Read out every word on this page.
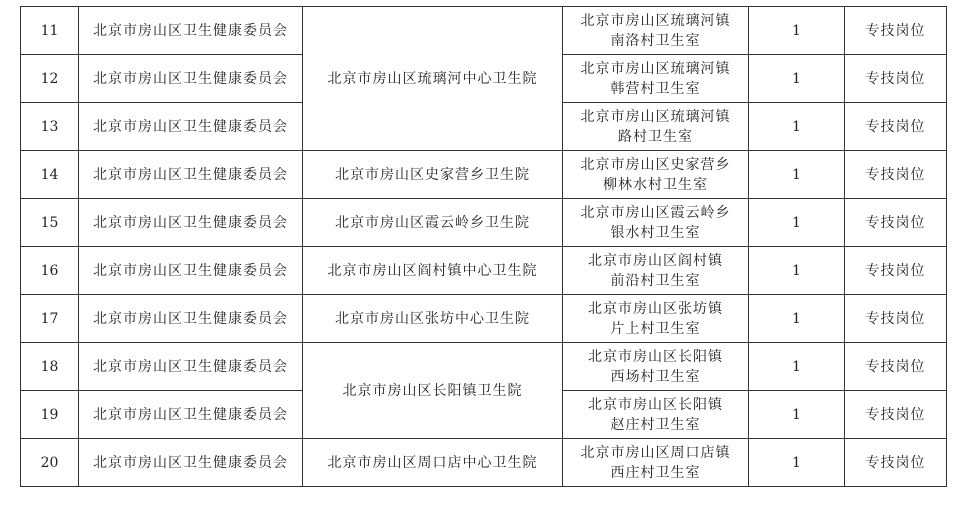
11	北京市房山区卫生健康委员会	北京市房山区琉璃河中心卫生院	北京市房山区琉璃河镇
南洛村卫生室	1	专技岗位
12	北京市房山区卫生健康委员会		北京市房山区琉璃河镇
韩营村卫生室	1	专技岗位
13	北京市房山区卫生健康委员会		北京市房山区琉璃河镇
路村卫生室	1	专技岗位
14	北京市房山区卫生健康委员会	北京市房山区史家营乡卫生院	北京市房山区史家营乡
柳林水村卫生室	1	专技岗位
15	北京市房山区卫生健康委员会	北京市房山区霞云岭乡卫生院	北京市房山区霞云岭乡
银水村卫生室	1	专技岗位
16	北京市房山区卫生健康委员会	北京市房山区阎村镇中心卫生院	北京市房山区阎村镇
前沿村卫生室	1	专技岗位
17	北京市房山区卫生健康委员会	北京市房山区张坊中心卫生院	北京市房山区张坊镇
片上村卫生室	1	专技岗位
18	北京市房山区卫生健康委员会	北京市房山区长阳镇卫生院	北京市房山区长阳镇
西场村卫生室	1	专技岗位
19	北京市房山区卫生健康委员会		北京市房山区长阳镇
赵庄村卫生室	1	专技岗位
20	北京市房山区卫生健康委员会	北京市房山区周口店中心卫生院	北京市房山区周口店镇
西庄村卫生室	1	专技岗位
